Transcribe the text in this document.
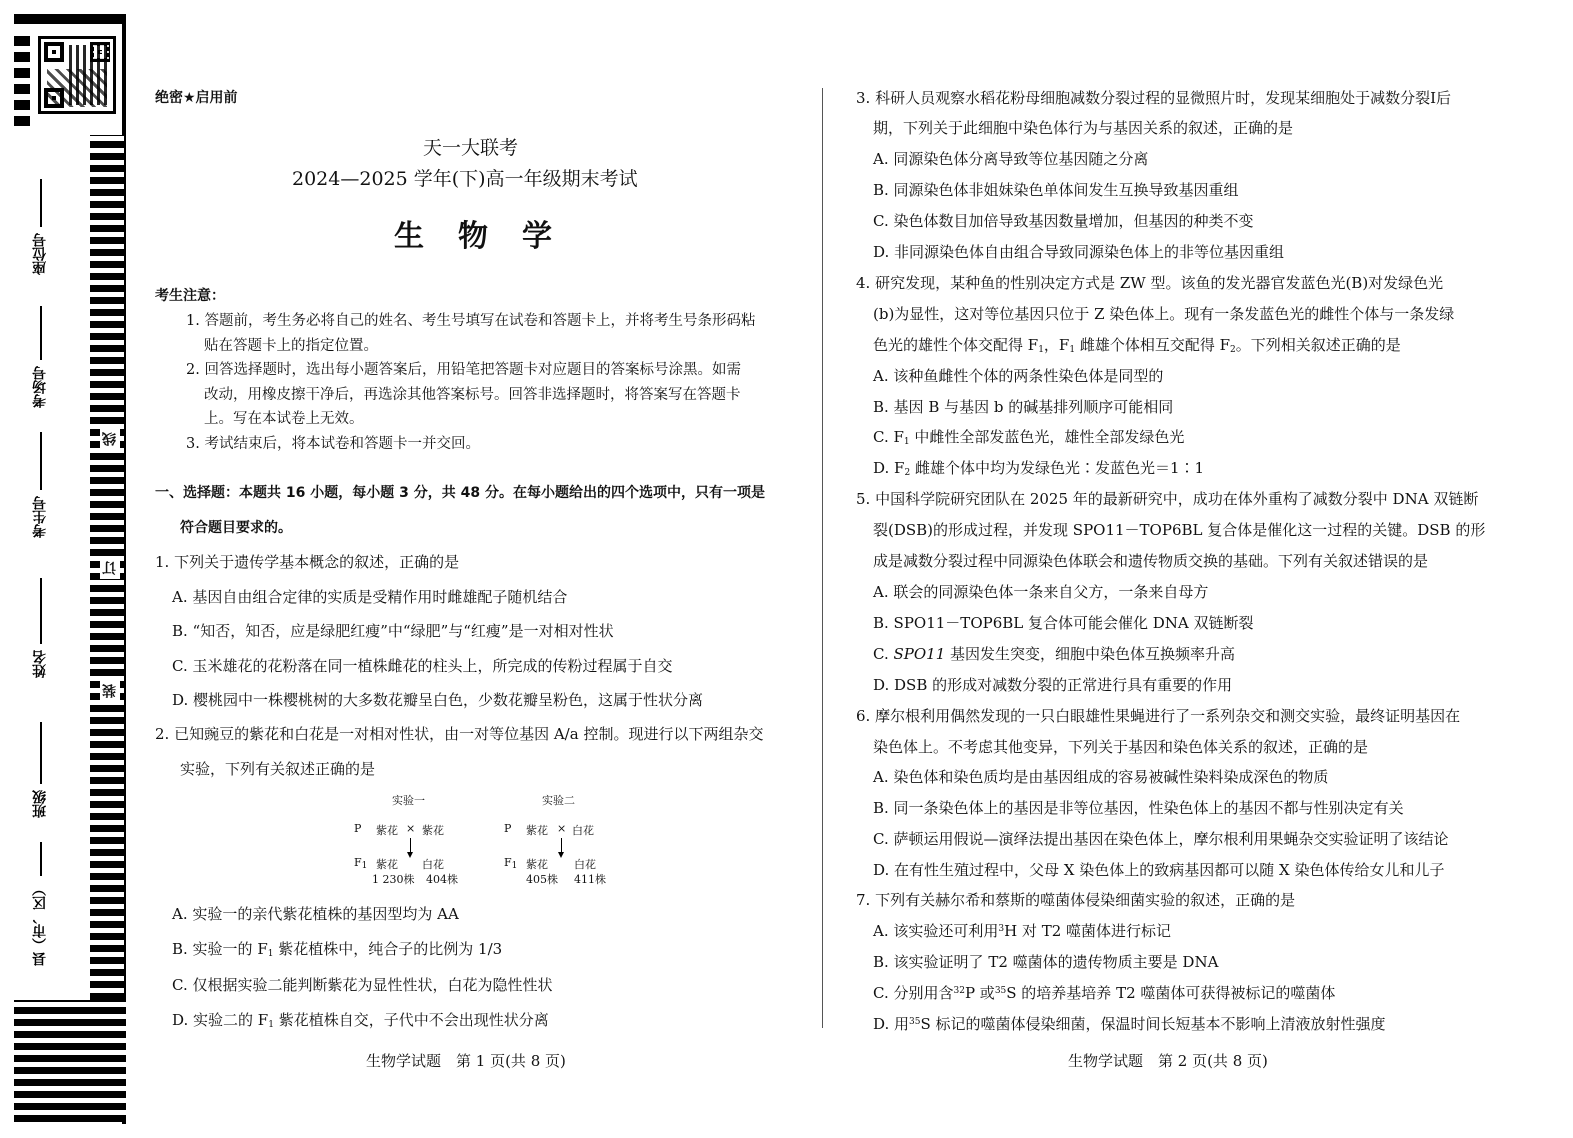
座位号
考场号
考生号
姓名
班级
县（市、区）
线
订
装
绝密★启用前
天一大联考
2024—2025 学年(下)高一年级期末考试
生　物　学
考生注意：
1. 答题前，考生务必将自己的姓名、考生号填写在试卷和答题卡上，并将考生号条形码粘
贴在答题卡上的指定位置。
2. 回答选择题时，选出每小题答案后，用铅笔把答题卡对应题目的答案标号涂黑。如需
改动，用橡皮擦干净后，再选涂其他答案标号。回答非选择题时，将答案写在答题卡
上。写在本试卷上无效。
3. 考试结束后，将本试卷和答题卡一并交回。
一、选择题：本题共 16 小题，每小题 3 分，共 48 分。在每小题给出的四个选项中，只有一项是
符合题目要求的。
1. 下列关于遗传学基本概念的叙述，正确的是
A. 基因自由组合定律的实质是受精作用时雌雄配子随机结合
B. “知否，知否，应是绿肥红瘦”中“绿肥”与“红瘦”是一对相对性状
C. 玉米雄花的花粉落在同一植株雌花的柱头上，所完成的传粉过程属于自交
D. 樱桃园中一株樱桃树的大多数花瓣呈白色，少数花瓣呈粉色，这属于性状分离
2. 已知豌豆的紫花和白花是一对相对性状，由一对等位基因 A/a 控制。现进行以下两组杂交
实验，下列有关叙述正确的是
实验一	实验二
P 紫花 × 紫花
$F_1$ 紫花 白花
1 230株 404株
P 紫花 × 白花
$F_1$ 紫花 白花
405株 411株
A. 实验一的亲代紫花植株的基因型均为 AA
B. 实验一的 $F_1$ 紫花植株中，纯合子的比例为 1/3
C. 仅根据实验二能判断紫花为显性性状，白花为隐性性状
D. 实验二的 $F_1$ 紫花植株自交，子代中不会出现性状分离
生物学试题　第 1 页(共 8 页)
3. 科研人员观察水稻花粉母细胞减数分裂过程的显微照片时，发现某细胞处于减数分裂Ⅰ后
期，下列关于此细胞中染色体行为与基因关系的叙述，正确的是
A. 同源染色体分离导致等位基因随之分离
B. 同源染色体非姐妹染色单体间发生互换导致基因重组
C. 染色体数目加倍导致基因数量增加，但基因的种类不变
D. 非同源染色体自由组合导致同源染色体上的非等位基因重组
4. 研究发现，某种鱼的性别决定方式是 ZW 型。该鱼的发光器官发蓝色光(B)对发绿色光
(b)为显性，这对等位基因只位于 Z 染色体上。现有一条发蓝色光的雌性个体与一条发绿
色光的雄性个体交配得 $F_1$，$F_1$ 雌雄个体相互交配得 $F_2$。下列相关叙述正确的是
A. 该种鱼雌性个体的两条性染色体是同型的
B. 基因 B 与基因 b 的碱基排列顺序可能相同
C. $F_1$ 中雌性全部发蓝色光，雄性全部发绿色光
D. $F_2$ 雌雄个体中均为发绿色光∶发蓝色光＝1∶1
5. 中国科学院研究团队在 2025 年的最新研究中，成功在体外重构了减数分裂中 DNA 双链断
裂(DSB)的形成过程，并发现 SPO11－TOP6BL 复合体是催化这一过程的关键。DSB 的形
成是减数分裂过程中同源染色体联会和遗传物质交换的基础。下列有关叙述错误的是
A. 联会的同源染色体一条来自父方，一条来自母方
B. SPO11－TOP6BL 复合体可能会催化 DNA 双链断裂
C. SPO11 基因发生突变，细胞中染色体互换频率升高
D. DSB 的形成对减数分裂的正常进行具有重要的作用
6. 摩尔根利用偶然发现的一只白眼雄性果蝇进行了一系列杂交和测交实验，最终证明基因在
染色体上。不考虑其他变异，下列关于基因和染色体关系的叙述，正确的是
A. 染色体和染色质均是由基因组成的容易被碱性染料染成深色的物质
B. 同一条染色体上的基因是非等位基因，性染色体上的基因不都与性别决定有关
C. 萨顿运用假说—演绎法提出基因在染色体上，摩尔根利用果蝇杂交实验证明了该结论
D. 在有性生殖过程中，父母 X 染色体上的致病基因都可以随 X 染色体传给女儿和儿子
7. 下列有关赫尔希和蔡斯的噬菌体侵染细菌实验的叙述，正确的是
A. 该实验还可利用$^3$H 对 T2 噬菌体进行标记
B. 该实验证明了 T2 噬菌体的遗传物质主要是 DNA
C. 分别用含$^{32}$P 或$^{35}$S 的培养基培养 T2 噬菌体可获得被标记的噬菌体
D. 用$^{35}$S 标记的噬菌体侵染细菌，保温时间长短基本不影响上清液放射性强度
生物学试题　第 2 页(共 8 页)
